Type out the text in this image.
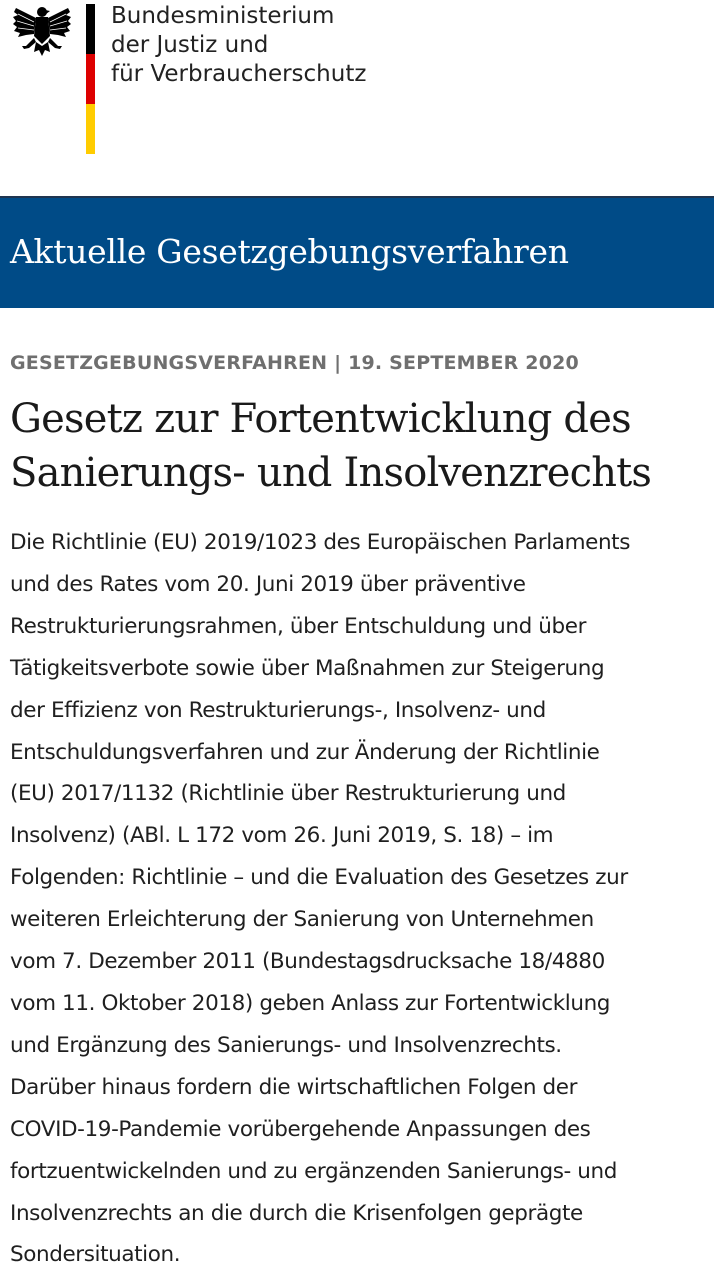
Bundesministerium
der Justiz und
für Verbraucherschutz
Aktuelle Gesetzgebungsverfahren
GESETZGEBUNGSVERFAHREN | 19. SEPTEMBER 2020
Gesetz zur Fortentwicklung des
Sanierungs- und Insolvenzrechts
Die Richtlinie (EU) 2019/1023 des Europäischen Parlaments
und des Rates vom 20. Juni 2019 über präventive
Restrukturierungsrahmen, über Entschuldung und über
Tätigkeitsverbote sowie über Maßnahmen zur Steigerung
der Effizienz von Restrukturierungs-, Insolvenz- und
Entschuldungsverfahren und zur Änderung der Richtlinie
(EU) 2017/1132 (Richtlinie über Restrukturierung und
Insolvenz) (ABl. L 172 vom 26. Juni 2019, S. 18) – im
Folgenden: Richtlinie – und die Evaluation des Gesetzes zur
weiteren Erleichterung der Sanierung von Unternehmen
vom 7. Dezember 2011 (Bundestagsdrucksache 18/4880
vom 11. Oktober 2018) geben Anlass zur Fortentwicklung
und Ergänzung des Sanierungs- und Insolvenzrechts.
Darüber hinaus fordern die wirtschaftlichen Folgen der
COVID-19-Pandemie vorübergehende Anpassungen des
fortzuentwickelnden und zu ergänzenden Sanierungs- und
Insolvenzrechts an die durch die Krisenfolgen geprägte
Sondersituation.
